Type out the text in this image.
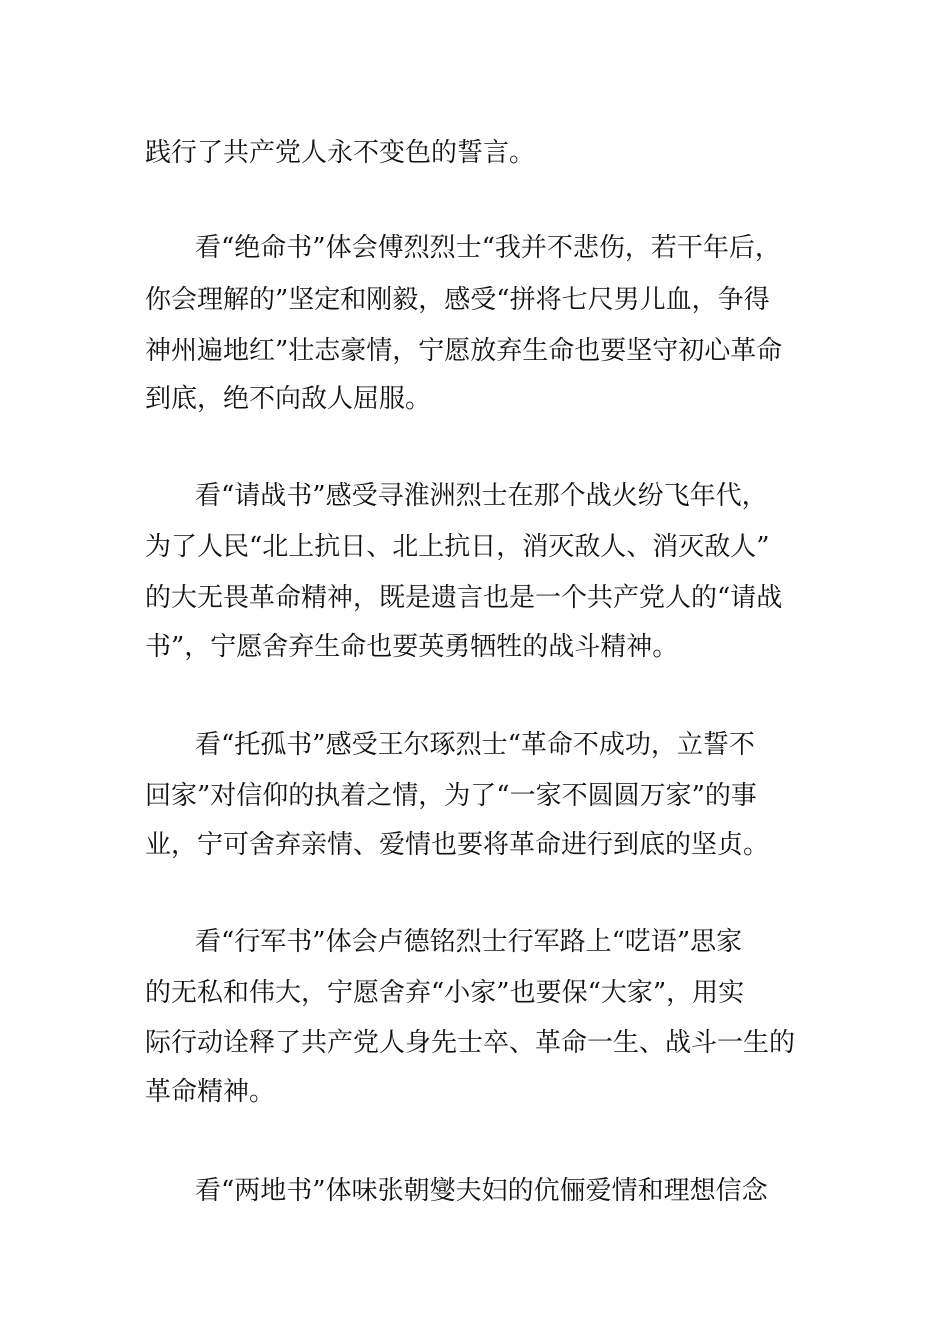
践行了共产党人永不变色的誓言。
看“绝命书”体会傅烈烈士“我并不悲伤，若干年后，
你会理解的”坚定和刚毅，感受“拼将七尺男儿血，争得
神州遍地红”壮志豪情，宁愿放弃生命也要坚守初心革命
到底，绝不向敌人屈服。
看“请战书”感受寻淮洲烈士在那个战火纷飞年代，
为了人民“北上抗日、北上抗日，消灭敌人、消灭敌人”
的大无畏革命精神，既是遗言也是一个共产党人的“请战
书”，宁愿舍弃生命也要英勇牺牲的战斗精神。
看“托孤书”感受王尔琢烈士“革命不成功，立誓不
回家”对信仰的执着之情，为了“一家不圆圆万家”的事
业，宁可舍弃亲情、爱情也要将革命进行到底的坚贞。
看“行军书”体会卢德铭烈士行军路上“呓语”思家
的无私和伟大，宁愿舍弃“小家”也要保“大家”，用实
际行动诠释了共产党人身先士卒、革命一生、战斗一生的
革命精神。
看“两地书”体味张朝燮夫妇的伉俪爱情和理想信念
